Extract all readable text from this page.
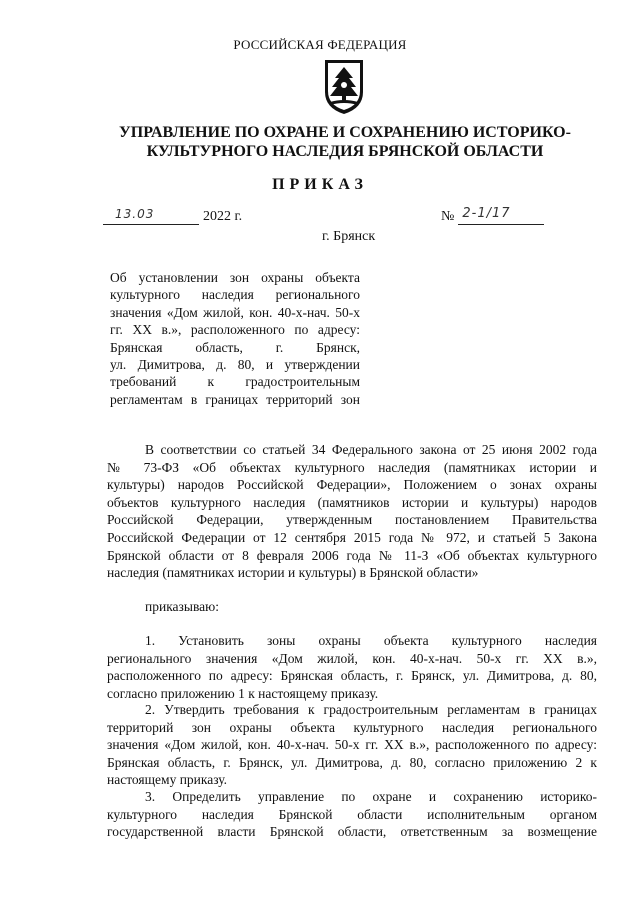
РОССИЙСКАЯ ФЕДЕРАЦИЯ
УПРАВЛЕНИЕ ПО ОХРАНЕ И СОХРАНЕНИЮ ИСТОРИКО-
КУЛЬТУРНОГО НАСЛЕДИЯ БРЯНСКОЙ ОБЛАСТИ
ПРИКАЗ
13.03	2022 г.	№ 2-1/17
г. Брянск
Об установлении зон охраны объекта
культурного наследия регионального
значения «Дом жилой, кон. 40-х-нач. 50-х
гг. ХХ в.», расположенного по адресу:
Брянская область, г. Брянск,
ул. Димитрова, д. 80, и утверждении
требований к градостроительным
регламентам в границах территорий зон
В соответствии со статьей 34 Федерального закона от 25 июня 2002 года
№ 73-ФЗ «Об объектах культурного наследия (памятниках истории и
культуры) народов Российской Федерации», Положением о зонах охраны
объектов культурного наследия (памятников истории и культуры) народов
Российской Федерации, утвержденным постановлением Правительства
Российской Федерации от 12 сентября 2015 года № 972, и статьей 5 Закона
Брянской области от 8 февраля 2006 года № 11-З «Об объектах культурного
наследия (памятниках истории и культуры) в Брянской области»
приказываю:
1. Установить зоны охраны объекта культурного наследия
регионального значения «Дом жилой, кон. 40-х-нач. 50-х гг. ХХ в.»,
расположенного по адресу: Брянская область, г. Брянск, ул. Димитрова, д. 80,
согласно приложению 1 к настоящему приказу.
2. Утвердить требования к градостроительным регламентам в границах
территорий зон охраны объекта культурного наследия регионального
значения «Дом жилой, кон. 40-х-нач. 50-х гг. ХХ в.», расположенного по адресу:
Брянская область, г. Брянск, ул. Димитрова, д. 80, согласно приложению 2 к
настоящему приказу.
3. Определить управление по охране и сохранению историко-
культурного наследия Брянской области исполнительным органом
государственной власти Брянской области, ответственным за возмещение
